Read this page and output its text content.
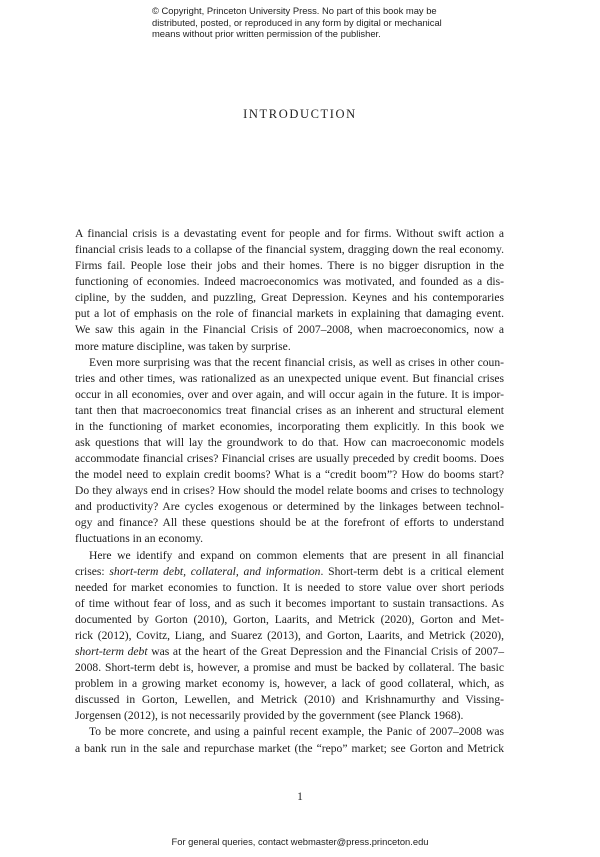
© Copyright, Princeton University Press. No part of this book may be
distributed, posted, or reproduced in any form by digital or mechanical
means without prior written permission of the publisher.
INTRODUCTION
A financial crisis is a devastating event for people and for firms. Without swift action a
financial crisis leads to a collapse of the financial system, dragging down the real economy.
Firms fail. People lose their jobs and their homes. There is no bigger disruption in the
functioning of economies. Indeed macroeconomics was motivated, and founded as a dis-
cipline, by the sudden, and puzzling, Great Depression. Keynes and his contemporaries
put a lot of emphasis on the role of financial markets in explaining that damaging event.
We saw this again in the Financial Crisis of 2007–2008, when macroeconomics, now a
more mature discipline, was taken by surprise.
Even more surprising was that the recent financial crisis, as well as crises in other coun-
tries and other times, was rationalized as an unexpected unique event. But financial crises
occur in all economies, over and over again, and will occur again in the future. It is impor-
tant then that macroeconomics treat financial crises as an inherent and structural element
in the functioning of market economies, incorporating them explicitly. In this book we
ask questions that will lay the groundwork to do that. How can macroeconomic models
accommodate financial crises? Financial crises are usually preceded by credit booms. Does
the model need to explain credit booms? What is a “credit boom”? How do booms start?
Do they always end in crises? How should the model relate booms and crises to technology
and productivity? Are cycles exogenous or determined by the linkages between technol-
ogy and finance? All these questions should be at the forefront of efforts to understand
fluctuations in an economy.
Here we identify and expand on common elements that are present in all financial
crises: short-term debt, collateral, and information. Short-term debt is a critical element
needed for market economies to function. It is needed to store value over short periods
of time without fear of loss, and as such it becomes important to sustain transactions. As
documented by Gorton (2010), Gorton, Laarits, and Metrick (2020), Gorton and Met-
rick (2012), Covitz, Liang, and Suarez (2013), and Gorton, Laarits, and Metrick (2020),
short-term debt was at the heart of the Great Depression and the Financial Crisis of 2007–
2008. Short-term debt is, however, a promise and must be backed by collateral. The basic
problem in a growing market economy is, however, a lack of good collateral, which, as
discussed in Gorton, Lewellen, and Metrick (2010) and Krishnamurthy and Vissing-
Jorgensen (2012), is not necessarily provided by the government (see Planck 1968).
To be more concrete, and using a painful recent example, the Panic of 2007–2008 was
a bank run in the sale and repurchase market (the “repo” market; see Gorton and Metrick
1
For general queries, contact webmaster@press.princeton.edu
